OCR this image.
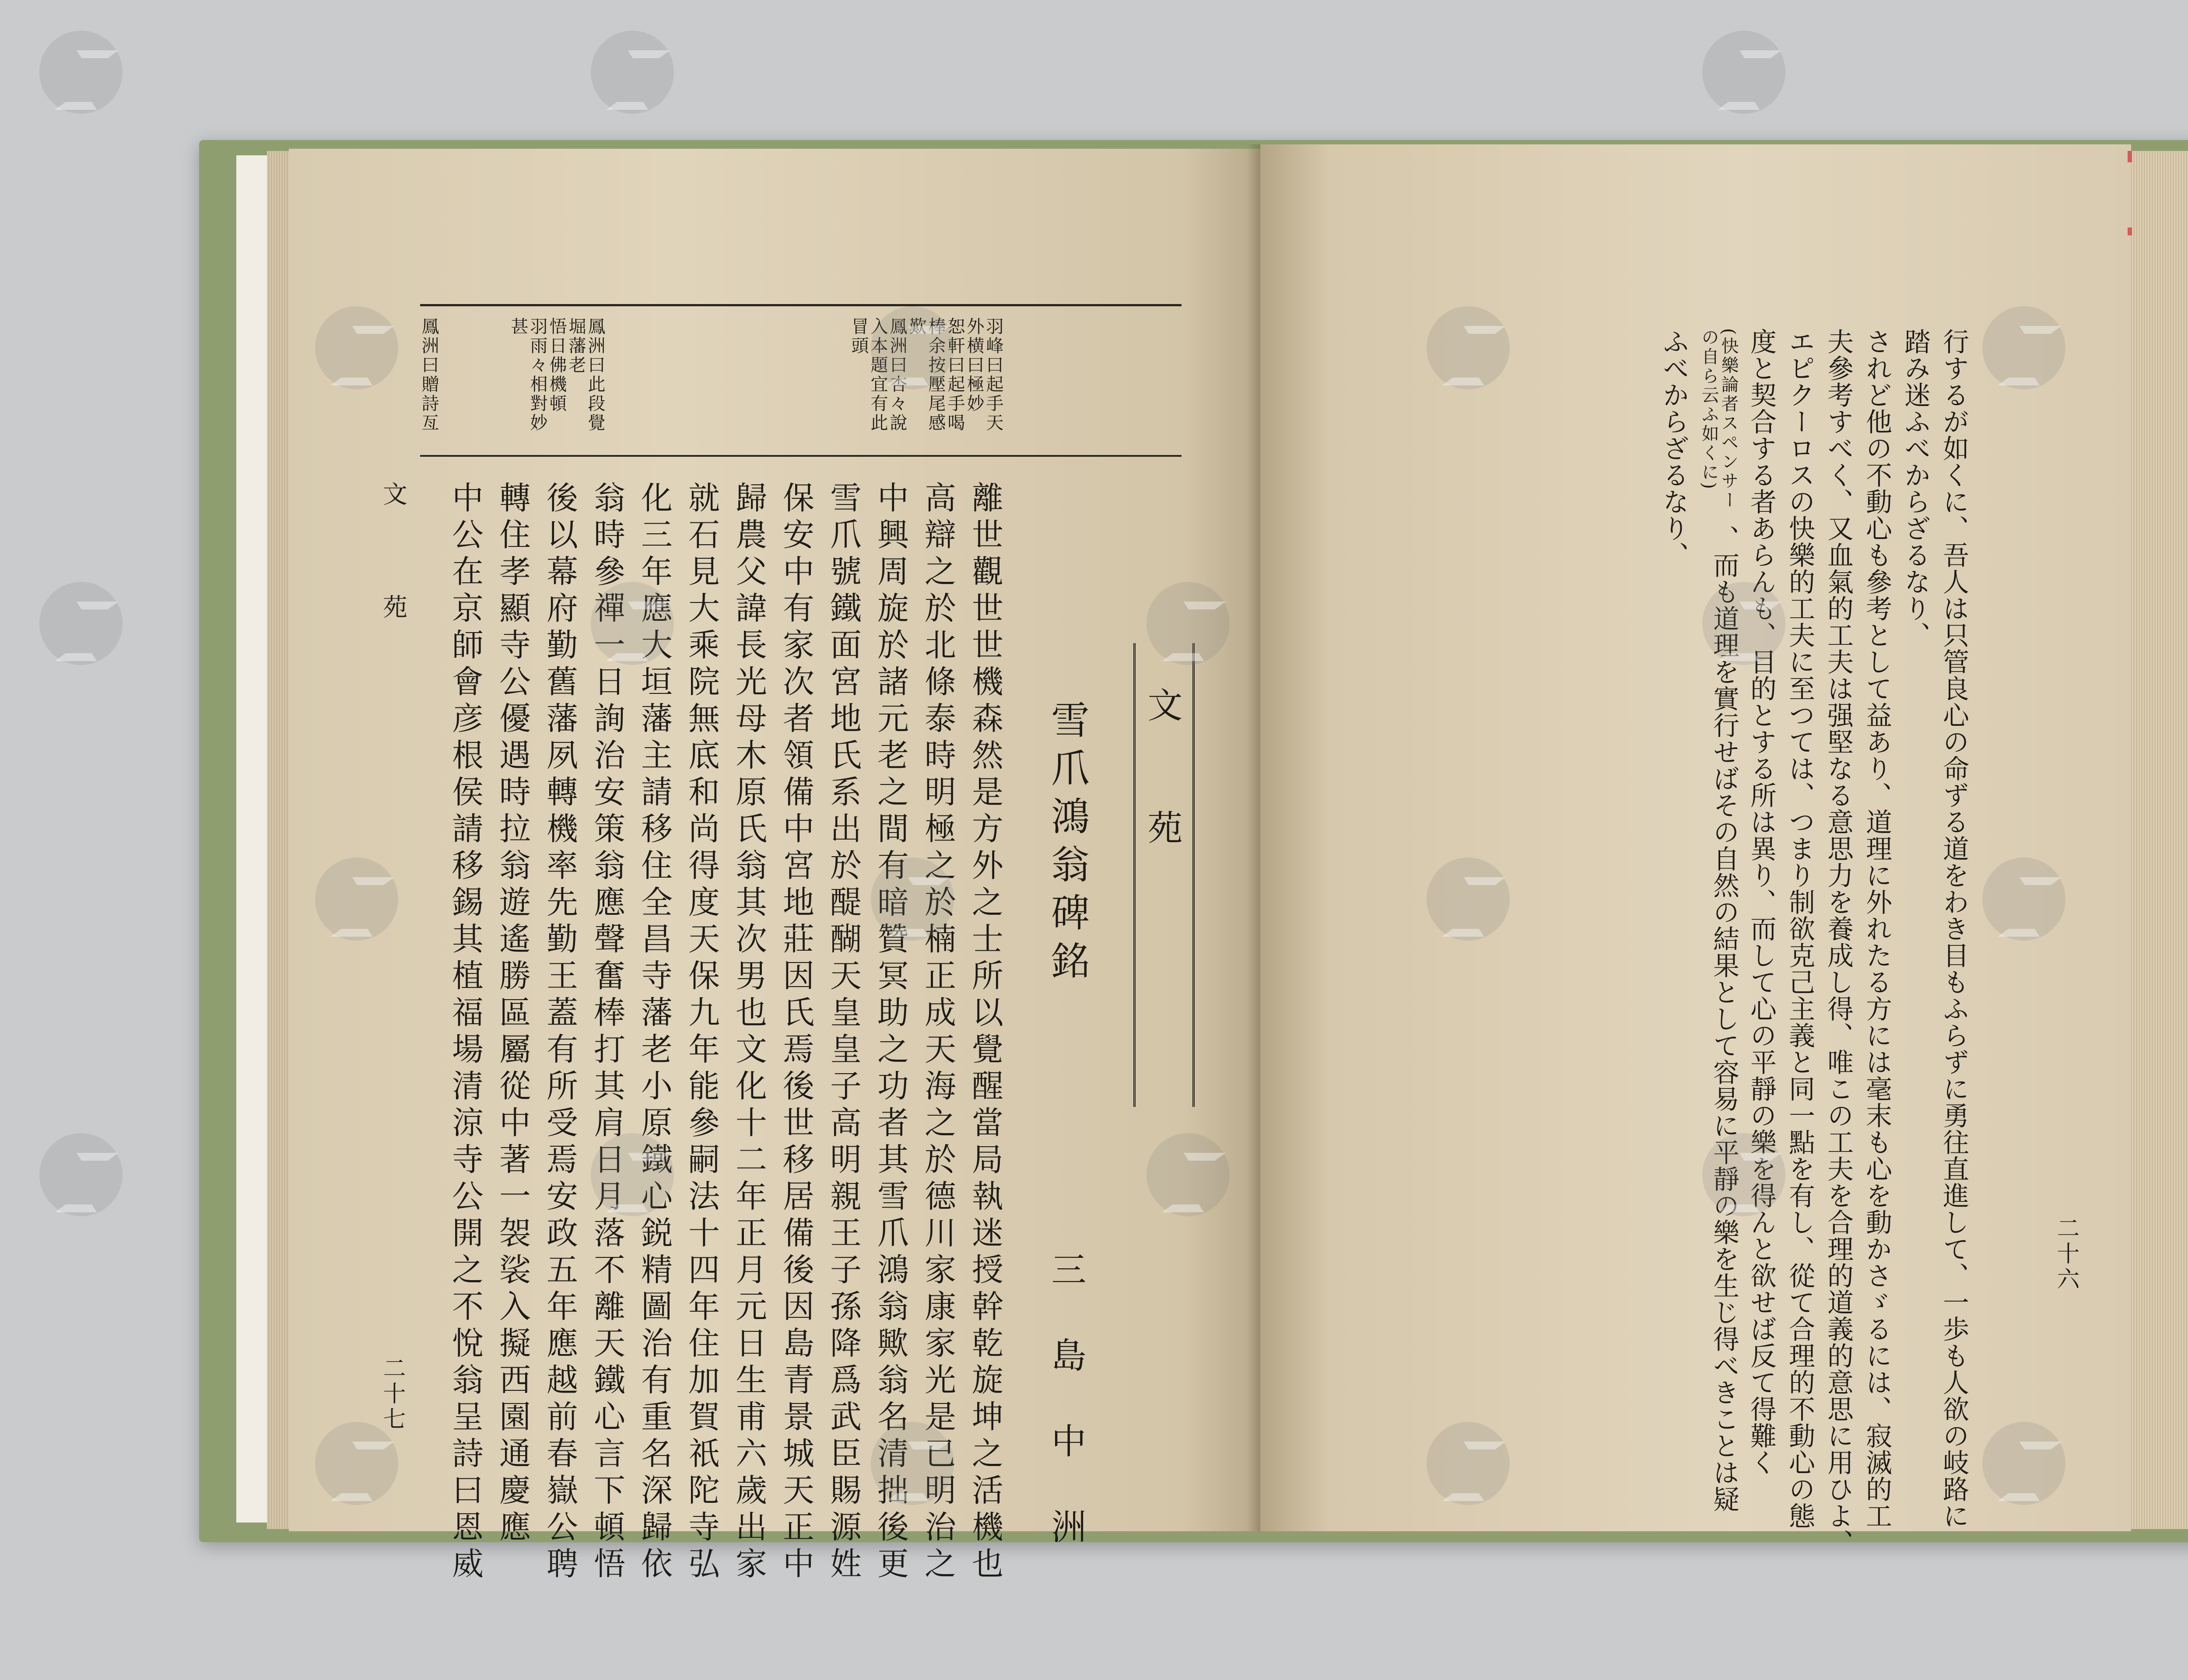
羽峰曰起手天
外横曰極妙
恕軒曰起手喝
棒余按壓尾感
歎
鳳洲曰杏々說
入本題宜有此
冒頭
鳳洲曰此段覺
堀藩老
悟日佛機頓
羽雨々相對妙
甚
鳳洲曰贈詩亙
文　苑
雪爪鴻翁碑銘
三　島　中　洲
離世觀世世機森然是方外之士所以覺醒當局執迷授幹乾旋坤之活機也
高辯之於北條泰時明極之於楠正成天海之於德川家康家光是已明治之
中興周旋於諸元老之間有暗贊冥助之功者其雪爪鴻翁歟翁名清拙後更
雪爪號鐵面宮地氏系出於醍醐天皇皇子高明親王子孫降爲武臣賜源姓
保安中有家次者領備中宮地莊因氏焉後世移居備後因島青景城天正中
歸農父諱長光母木原氏翁其次男也文化十二年正月元日生甫六歲出家
就石見大乘院無底和尚得度天保九年能參嗣法十四年住加賀祇陀寺弘
化三年應大垣藩主請移住全昌寺藩老小原鐵心鋭精圖治有重名深歸依
翁時參禪一日詢治安策翁應聲奮棒打其肩日月落不離天鐵心言下頓悟
後以幕府勤舊藩夙轉機率先勤王蓋有所受焉安政五年應越前春嶽公聘
轉住孝顯寺公優遇時拉翁遊遙勝區屬從中著一袈裟入擬西園通慶應
中公在京師會彦根侯請移錫其植福場清涼寺公開之不悅翁呈詩曰恩威
文　　苑
二十七
二十六
行するが如くに、吾人は只管良心の命ずる道をわき目もふらずに勇往直進して、一歩も人欲の岐路に
踏み迷ふべからざるなり、
されど他の不動心も參考として益あり、道理に外れたる方には毫末も心を動かさゞるには、寂滅的工
夫參考すべく、又血氣的工夫は强堅なる意思力を養成し得、唯この工夫を合理的道義的意思に用ひよ、
エピクーロスの快樂的工夫に至つては、つまり制欲克己主義と同一點を有し、從て合理的不動心の態
度と契合する者あらんも、目的とする所は異り、而して心の平靜の樂を得んと欲せば反て得難く
(快樂論者スペンサー
の自ら云ふ如くに)
、而も道理を實行せばその自然の結果として容易に平靜の樂を生じ得べきことは疑
ふべからざるなり、
